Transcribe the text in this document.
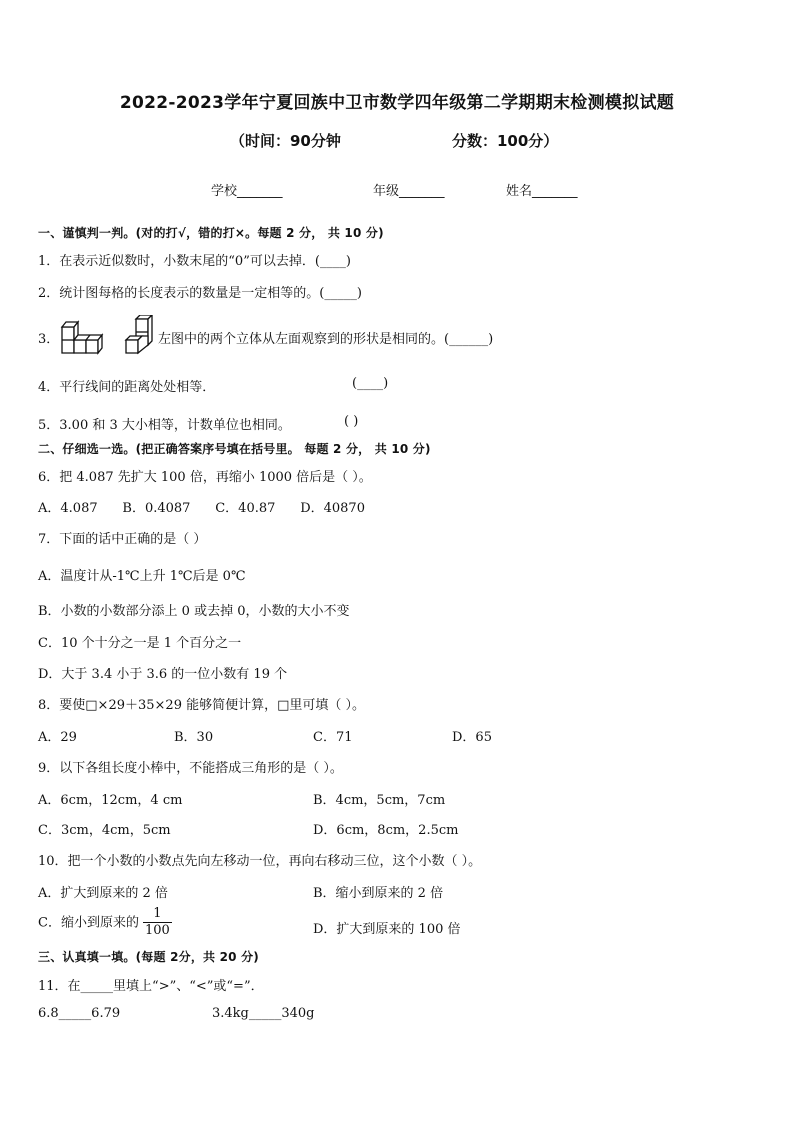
2022-2023学年宁夏回族中卫市数学四年级第二学期期末检测模拟试题
（时间：90分钟	分数：100分）
学校_______	年级_______	姓名_______
一、谨慎判一判。(对的打√，错的打×。每题 2 分， 共 10 分)
1．在表示近似数时，小数末尾的“0”可以去掉．(____)
2．统计图每格的长度表示的数量是一定相等的。(_____)
3．	左图中的两个立体从左面观察到的形状是相同的。(______)
4．平行线间的距离处处相等．	(____)
5．3.00 和 3 大小相等，计数单位也相同。	( )
二、仔细选一选。(把正确答案序号填在括号里。 每题 2 分， 共 10 分)
6．把 4.087 先扩大 100 倍，再缩小 1000 倍后是（ ）。
A．4.087      B．0.4087      C．40.87      D．40870
7．下面的话中正确的是（ ）
A．温度计从-1℃上升 1℃后是 0℃
B．小数的小数部分添上 0 或去掉 0，小数的大小不变
C．10 个十分之一是 1 个百分之一
D．大于 3.4 小于 3.6 的一位小数有 19 个
8．要使□×29＋35×29 能够简便计算，□里可填（ ）。
A．29	B．30	C．71	D．65
9．以下各组长度小棒中，不能搭成三角形的是（ ）。
A．6cm，12cm，4 cm	B．4cm，5cm，7cm
C．3cm，4cm，5cm	D．6cm，8cm，2.5cm
10．把一个小数的小数点先向左移动一位，再向右移动三位，这个小数（ ）。
A．扩大到原来的 2 倍	B．缩小到原来的 2 倍
C．缩小到原来的 $\frac{1}{100}$	D．扩大到原来的 100 倍
三、认真填一填。(每题 2分，共 20 分)
11．在_____里填上“>”、“<”或“=”．
6.8_____6.79	3.4kg_____340g
